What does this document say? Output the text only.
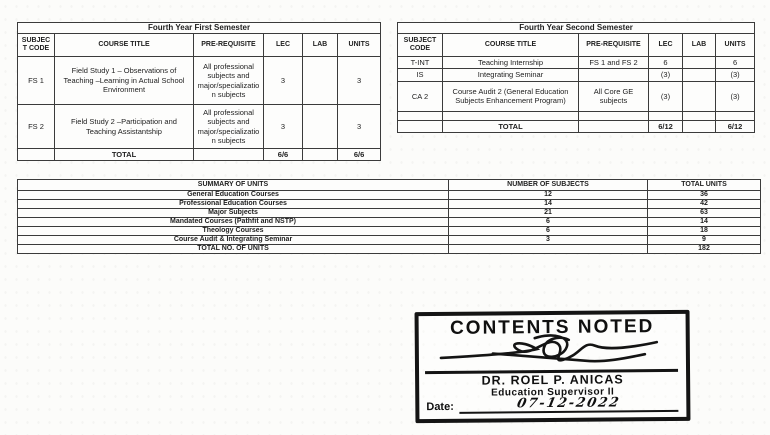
Fourth Year First Semester					
SUBJECT CODE	COURSE TITLE	PRE-REQUISITE	LEC	LAB	UNITS
FS 1	Field Study 1 – Observations of Teaching –Learning in Actual School Environment	All professional subjects and major/specialization subjects	3		3
FS 2	Field Study 2 –Participation and Teaching Assistantship	All professional subjects and major/specialization subjects	3		3
	TOTAL		6/6		6/6
Fourth Year Second Semester					
SUBJECT CODE	COURSE TITLE	PRE-REQUISITE	LEC	LAB	UNITS
T-INT	Teaching Internship	FS 1 and FS 2	6		6
IS	Integrating Seminar		(3)		(3)
CA 2	Course Audit 2 (General Education Subjects Enhancement Program)	All Core GE subjects	(3)		(3)

	TOTAL		6/12		6/12
SUMMARY OF UNITS	NUMBER OF SUBJECTS	TOTAL UNITS
General Education Courses	12	36
Professional Education Courses	14	42
Major Subjects	21	63
Mandated Courses (Pathfit and NSTP)	6	14
Theology Courses	6	18
Course Audit & Integrating Seminar	3	9
TOTAL NO. OF UNITS		182
CONTENTS NOTED
DR. ROEL P. ANICAS
Education Supervisor II
Date:	07-12-2022
